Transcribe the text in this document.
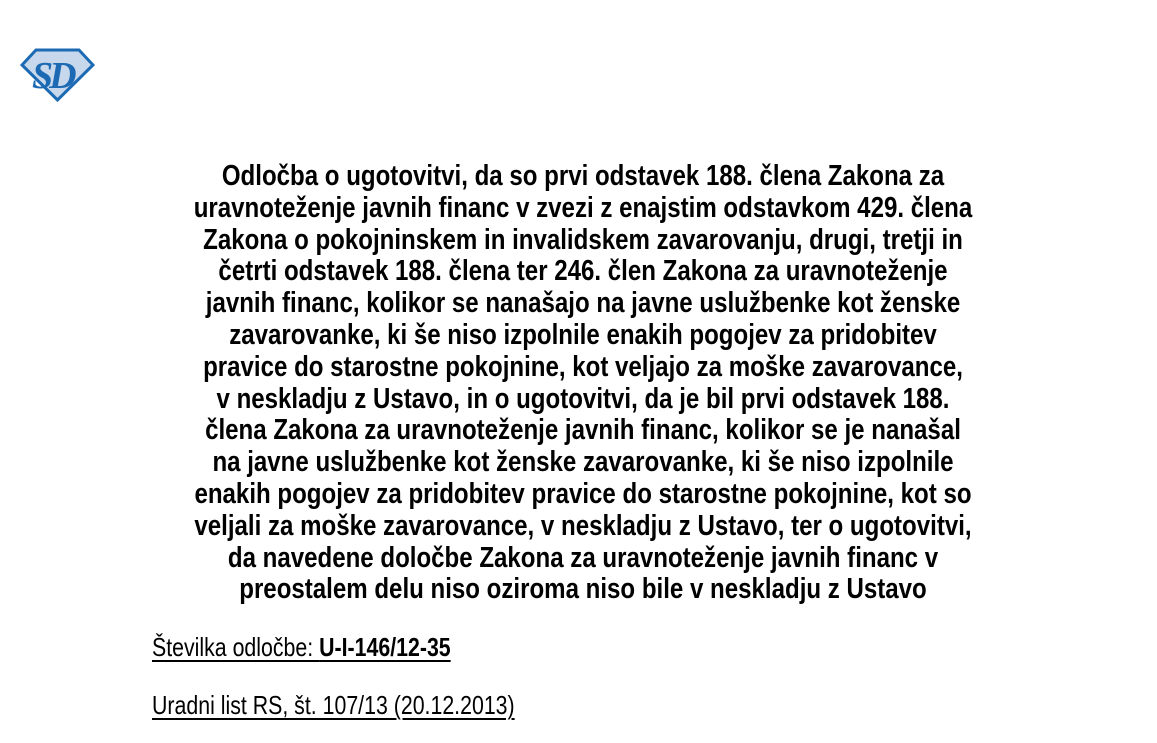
SD
Odločba o ugotovitvi, da so prvi odstavek 188. člena Zakona za
uravnoteženje javnih financ v zvezi z enajstim odstavkom 429. člena
Zakona o pokojninskem in invalidskem zavarovanju, drugi, tretji in
četrti odstavek 188. člena ter 246. člen Zakona za uravnoteženje
javnih financ, kolikor se nanašajo na javne uslužbenke kot ženske
zavarovanke, ki še niso izpolnile enakih pogojev za pridobitev
pravice do starostne pokojnine, kot veljajo za moške zavarovance,
v neskladju z Ustavo, in o ugotovitvi, da je bil prvi odstavek 188.
člena Zakona za uravnoteženje javnih financ, kolikor se je nanašal
na javne uslužbenke kot ženske zavarovanke, ki še niso izpolnile
enakih pogojev za pridobitev pravice do starostne pokojnine, kot so
veljali za moške zavarovance, v neskladju z Ustavo, ter o ugotovitvi,
da navedene določbe Zakona za uravnoteženje javnih financ v
preostalem delu niso oziroma niso bile v neskladju z Ustavo
Številka odločbe: U-I-146/12-35
Uradni list RS, št. 107/13 (20.12.2013)
